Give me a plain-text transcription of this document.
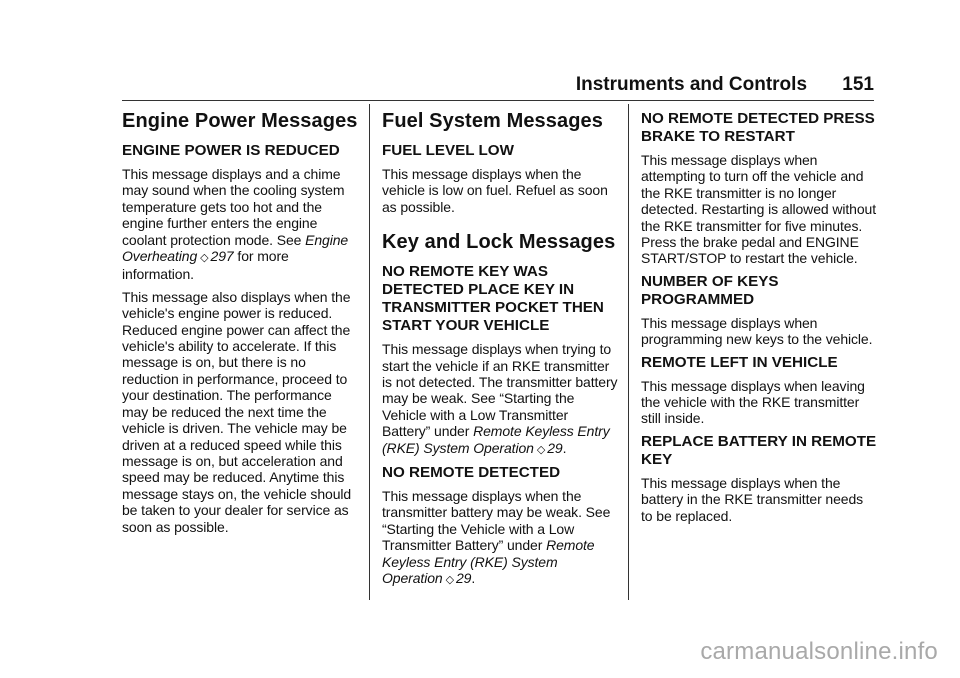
Instruments and Controls 151
Engine Power Messages
ENGINE POWER IS REDUCED

This message displays and a chime may sound when the cooling system temperature gets too hot and the engine further enters the engine coolant protection mode. See Engine Overheating ◇ 297 for more information.

This message also displays when the vehicle's engine power is reduced. Reduced engine power can affect the vehicle's ability to accelerate. If this message is on, but there is no reduction in performance, proceed to your destination. The performance may be reduced the next time the vehicle is driven. The vehicle may be driven at a reduced speed while this message is on, but acceleration and speed may be reduced. Anytime this message stays on, the vehicle should be taken to your dealer for service as soon as possible.

Fuel System Messages
FUEL LEVEL LOW

This message displays when the vehicle is low on fuel. Refuel as soon as possible.

Key and Lock Messages
NO REMOTE KEY WAS DETECTED PLACE KEY IN TRANSMITTER POCKET THEN START YOUR VEHICLE

This message displays when trying to start the vehicle if an RKE transmitter is not detected. The transmitter battery may be weak. See “Starting the Vehicle with a Low Transmitter Battery” under Remote Keyless Entry (RKE) System Operation ◇ 29.

NO REMOTE DETECTED

This message displays when the transmitter battery may be weak. See “Starting the Vehicle with a Low Transmitter Battery” under Remote Keyless Entry (RKE) System Operation ◇ 29.

NO REMOTE DETECTED PRESS BRAKE TO RESTART

This message displays when attempting to turn off the vehicle and the RKE transmitter is no longer detected. Restarting is allowed without the RKE transmitter for five minutes. Press the brake pedal and ENGINE START/STOP to restart the vehicle.

NUMBER OF KEYS PROGRAMMED

This message displays when programming new keys to the vehicle.

REMOTE LEFT IN VEHICLE

This message displays when leaving the vehicle with the RKE transmitter still inside.

REPLACE BATTERY IN REMOTE KEY

This message displays when the battery in the RKE transmitter needs to be replaced.

carmanualsonline.info
